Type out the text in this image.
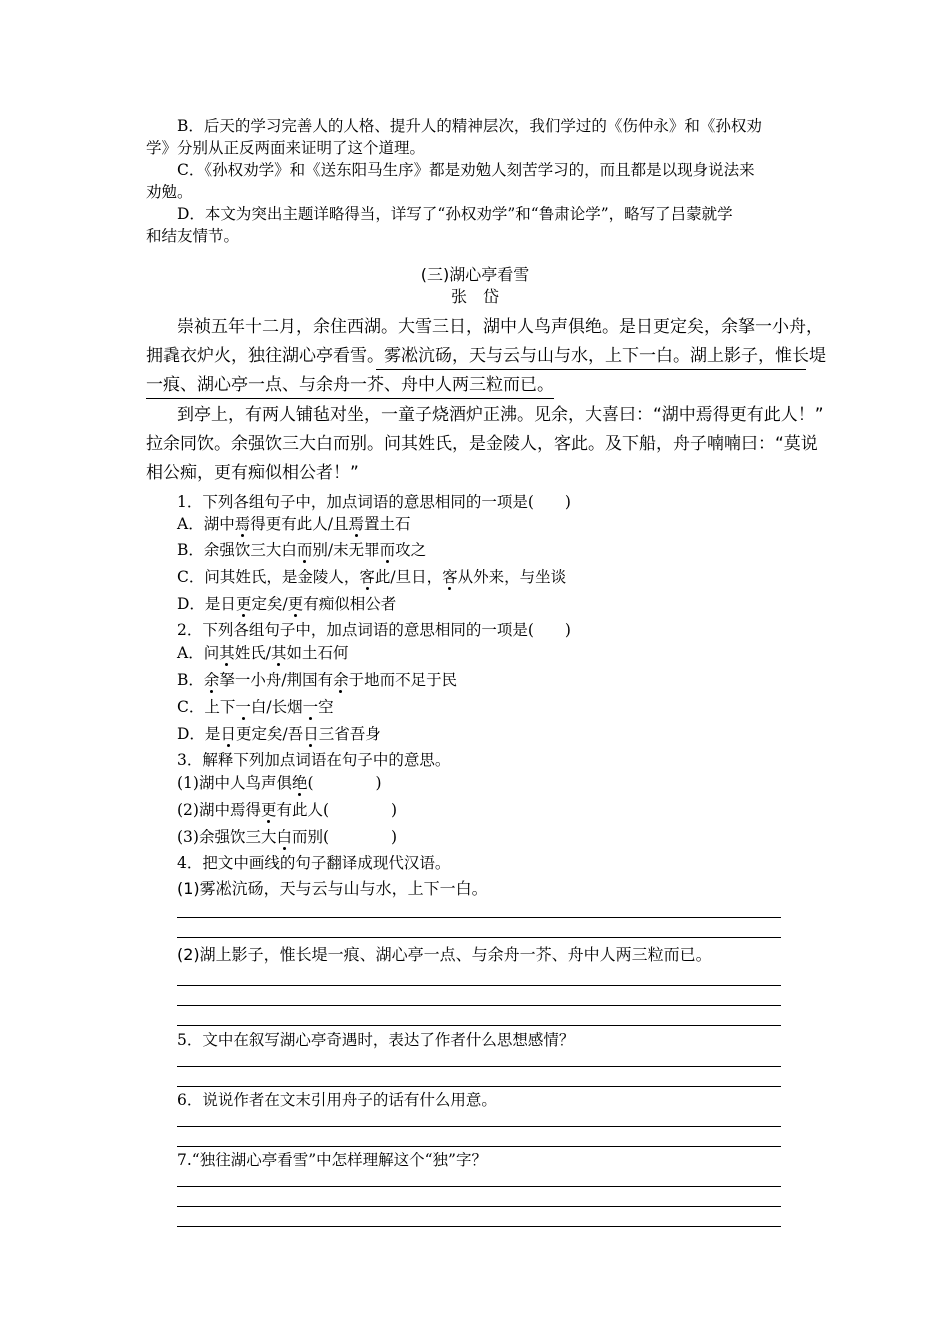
B．后天的学习完善人的人格、提升人的精神层次，我们学过的《伤仲永》和《孙权劝
学》分别从正反两面来证明了这个道理。
C．《孙权劝学》和《送东阳马生序》都是劝勉人刻苦学习的，而且都是以现身说法来
劝勉。
D．本文为突出主题详略得当，详写了“孙权劝学”和“鲁肃论学”，略写了吕蒙就学
和结友情节。
(三)湖心亭看雪
张　岱
崇祯五年十二月，余住西湖。大雪三日，湖中人鸟声俱绝。是日更定矣，余拏一小舟，
拥毳衣炉火，独往湖心亭看雪。雾凇沆砀，天与云与山与水，上下一白。湖上影子，惟长堤
一痕、湖心亭一点、与余舟一芥、舟中人两三粒而已。
到亭上，有两人铺毡对坐，一童子烧酒炉正沸。见余，大喜曰：“湖中焉得更有此人！”
拉余同饮。余强饮三大白而别。问其姓氏，是金陵人，客此。及下船，舟子喃喃曰：“莫说
相公痴，更有痴似相公者！”
1．下列各组句子中，加点词语的意思相同的一项是(　　)
A．湖中焉得更有此人/且焉置土石
B．余强饮三大白而别/末无罪而攻之
C．问其姓氏，是金陵人，客此/旦日，客从外来，与坐谈
D．是日更定矣/更有痴似相公者
2．下列各组句子中，加点词语的意思相同的一项是(　　)
A．问其姓氏/其如土石何
B．余拏一小舟/荆国有余于地而不足于民
C．上下一白/长烟一空
D．是日更定矣/吾日三省吾身
3．解释下列加点词语在句子中的意思。
(1)湖中人鸟声俱绝(　　　　)
(2)湖中焉得更有此人(　　　　)
(3)余强饮三大白而别(　　　　)
4．把文中画线的句子翻译成现代汉语。
(1)雾凇沆砀，天与云与山与水，上下一白。
(2)湖上影子，惟长堤一痕、湖心亭一点、与余舟一芥、舟中人两三粒而已。
5．文中在叙写湖心亭奇遇时，表达了作者什么思想感情？
6．说说作者在文末引用舟子的话有什么用意。
7.“独往湖心亭看雪”中怎样理解这个“独”字？
